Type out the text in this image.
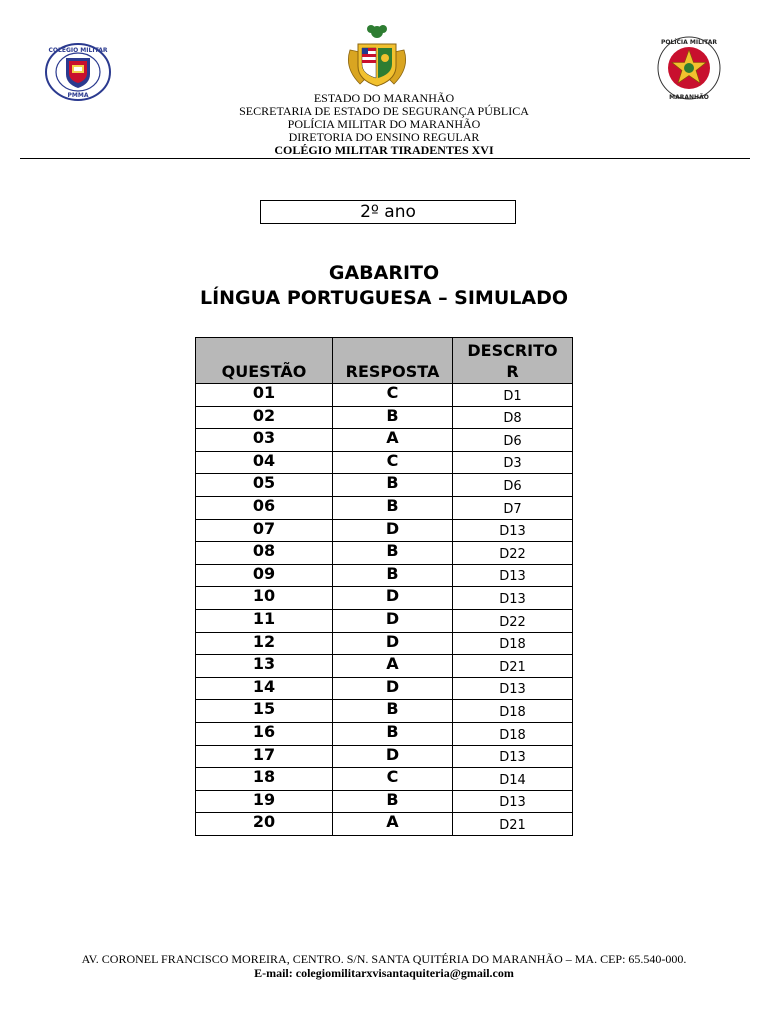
COLÉGIO MILITAR
PMMA
POLÍCIA MILITAR
MARANHÃO
ESTADO DO MARANHÃO
SECRETARIA DE ESTADO DE SEGURANÇA PÚBLICA
POLÍCIA MILITAR DO MARANHÃO
DIRETORIA DO ENSINO REGULAR
COLÉGIO MILITAR TIRADENTES XVI
2º ano
GABARITO
LÍNGUA PORTUGUESA – SIMULADO
QUESTÃO	RESPOSTA	DESCRITO
R
01	C	D1
02	B	D8
03	A	D6
04	C	D3
05	B	D6
06	B	D7
07	D	D13
08	B	D22
09	B	D13
10	D	D13
11	D	D22
12	D	D18
13	A	D21
14	D	D13
15	B	D18
16	B	D18
17	D	D13
18	C	D14
19	B	D13
20	A	D21
AV. CORONEL FRANCISCO MOREIRA, CENTRO. S/N. SANTA QUITÉRIA DO MARANHÃO – MA. CEP: 65.540-000.
E-mail: colegiomilitarxvisantaquiteria@gmail.com
